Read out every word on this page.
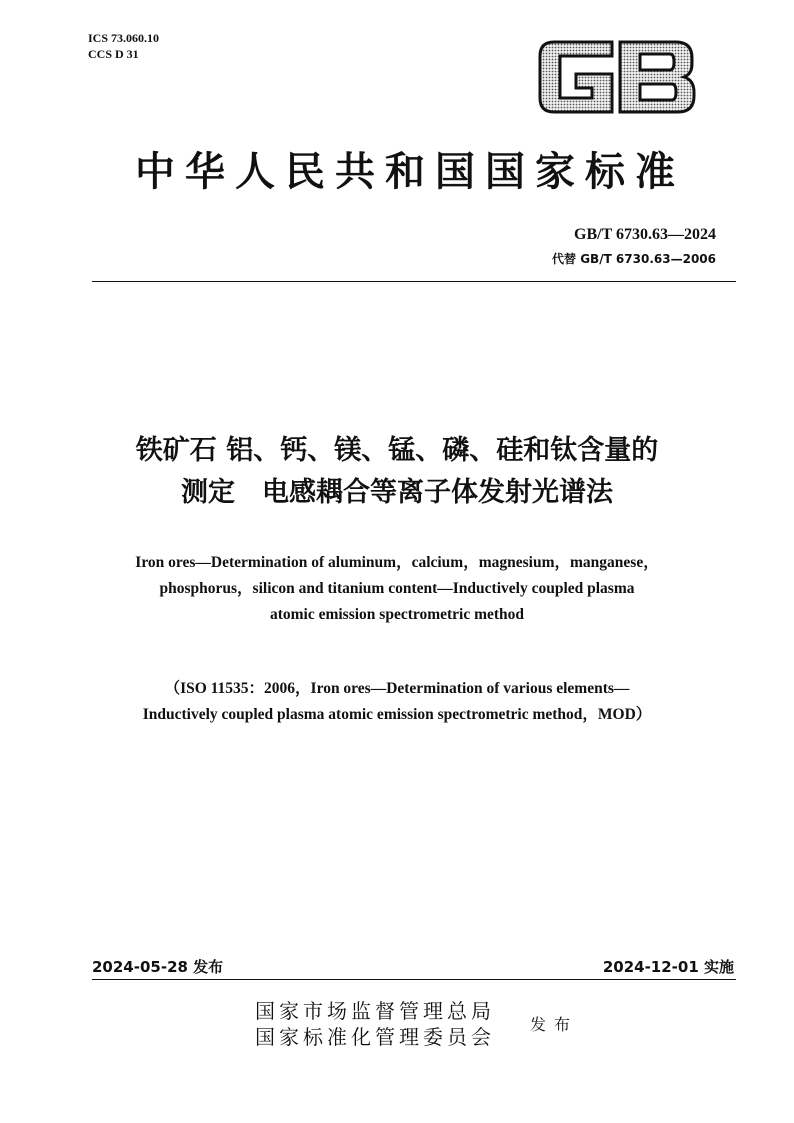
ICS 73.060.10
CCS D 31
中华人民共和国国家标准
GB/T 6730.63—2024
代替 GB/T 6730.63—2006
铁矿石 铝、钙、镁、锰、磷、硅和钛含量的
测定　电感耦合等离子体发射光谱法
Iron ores—Determination of aluminum，calcium，magnesium，manganese，
phosphorus，silicon and titanium content—Inductively coupled plasma
atomic emission spectrometric method
（ISO 11535：2006，Iron ores—Determination of various elements—
Inductively coupled plasma atomic emission spectrometric method，MOD）
2024-05-28 发布	2024-12-01 实施
国家市场监督管理总局
国家标准化管理委员会
发布
